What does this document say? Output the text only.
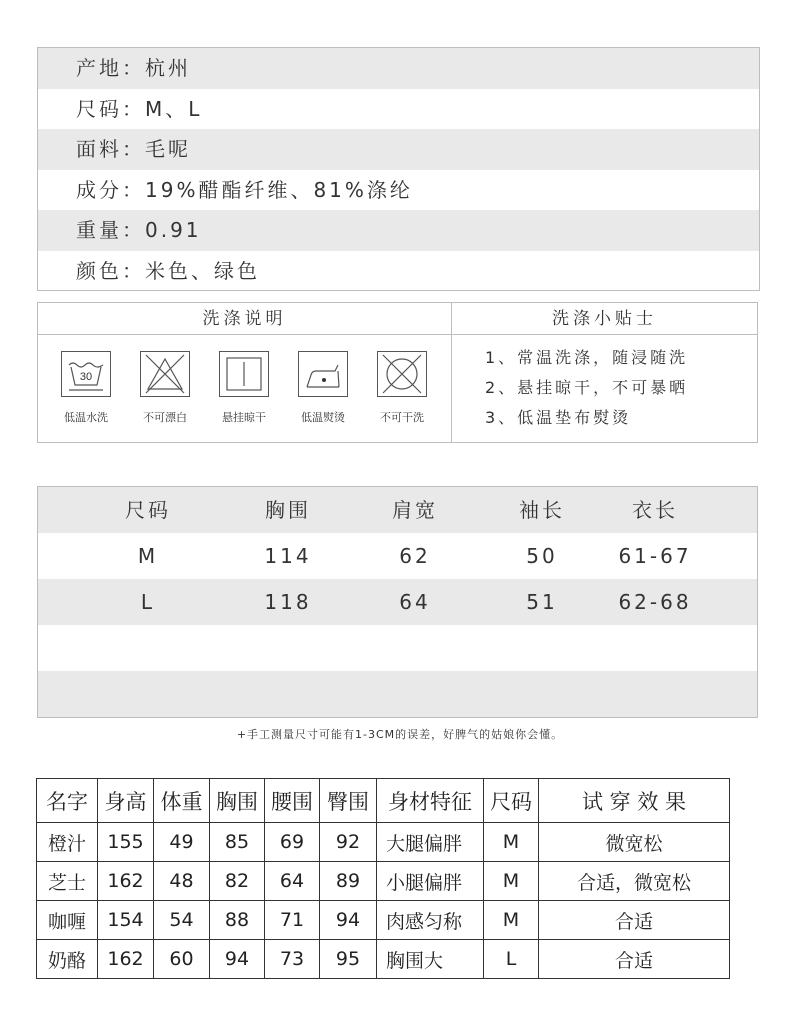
产地：杭州
尺码：M、L
面料：毛呢
成分：19%醋酯纤维、81%涤纶
重量：0.91
颜色：米色、绿色
洗涤说明	洗涤小贴士
30
低温水洗	不可漂白	悬挂晾干	低温熨烫	不可干洗
1、常温洗涤，随浸随洗
2、悬挂晾干，不可暴晒
3、低温垫布熨烫
尺码	胸围	肩宽	袖长	衣长
M	114	62	50	61-67
L	118	64	51	62-68
+手工测量尺寸可能有1-3CM的误差，好脾气的姑娘你会懂。
名字	身高	体重	胸围	腰围	臀围	身材特征	尺码	试 穿 效 果
橙汁	155	49	85	69	92	大腿偏胖	M	微宽松
芝士	162	48	82	64	89	小腿偏胖	M	合适，微宽松
咖喱	154	54	88	71	94	肉感匀称	M	合适
奶酪	162	60	94	73	95	胸围大	L	合适
